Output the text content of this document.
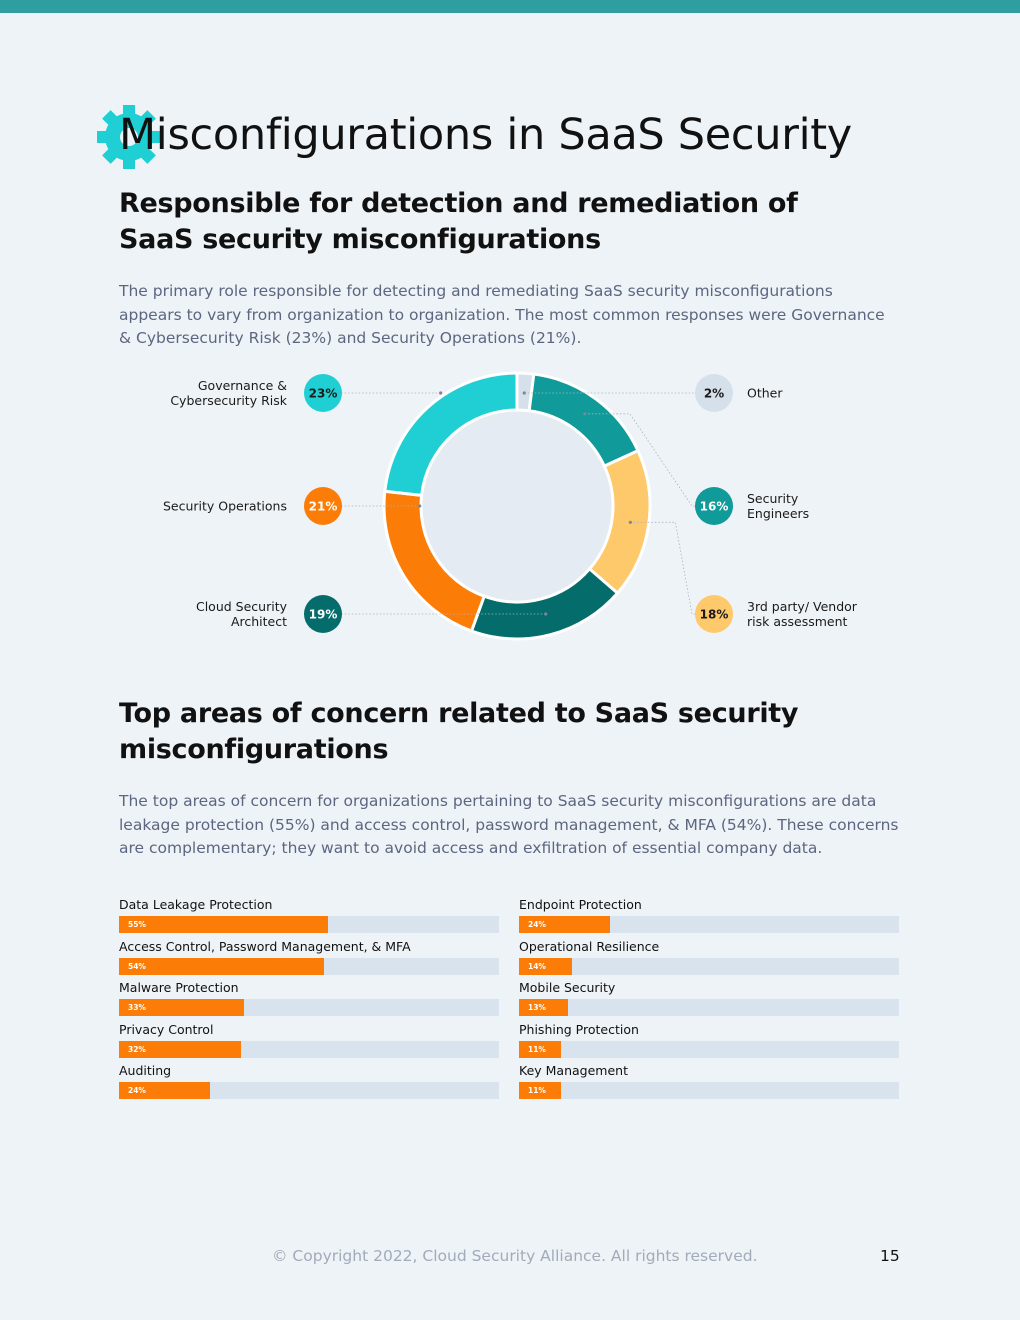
Misconfigurations in SaaS Security
Responsible for detection and remediation of SaaS security misconfigurations

The primary role responsible for detecting and remediating SaaS security misconfigurations appears to vary from organization to organization. The most common responses were Governance & Cybersecurity Risk (23%) and Security Operations (21%).

2% Other
16%
Security Engineers
18%
3rd party/ Vendor risk assessment
19%
Cloud Security Architect
21%
Security Operations
23%
Governance & Cybersecurity Risk
Top areas of concern related to SaaS security misconfigurations

The top areas of concern for organizations pertaining to SaaS security misconfigurations are data leakage protection (55%) and access control, password management, & MFA (54%). These concerns are complementary; they want to avoid access and exfiltration of essential company data.

Data Leakage Protection
55%
Access Control, Password Management, & MFA
54%
Malware Protection
33%
Privacy Control
32%
Auditing
24%
Endpoint Protection
24%
Operational Resilience
14%
Mobile Security
13%
Phishing Protection
11%
Key Management
11%
© Copyright 2022, Cloud Security Alliance. All rights reserved.	15
